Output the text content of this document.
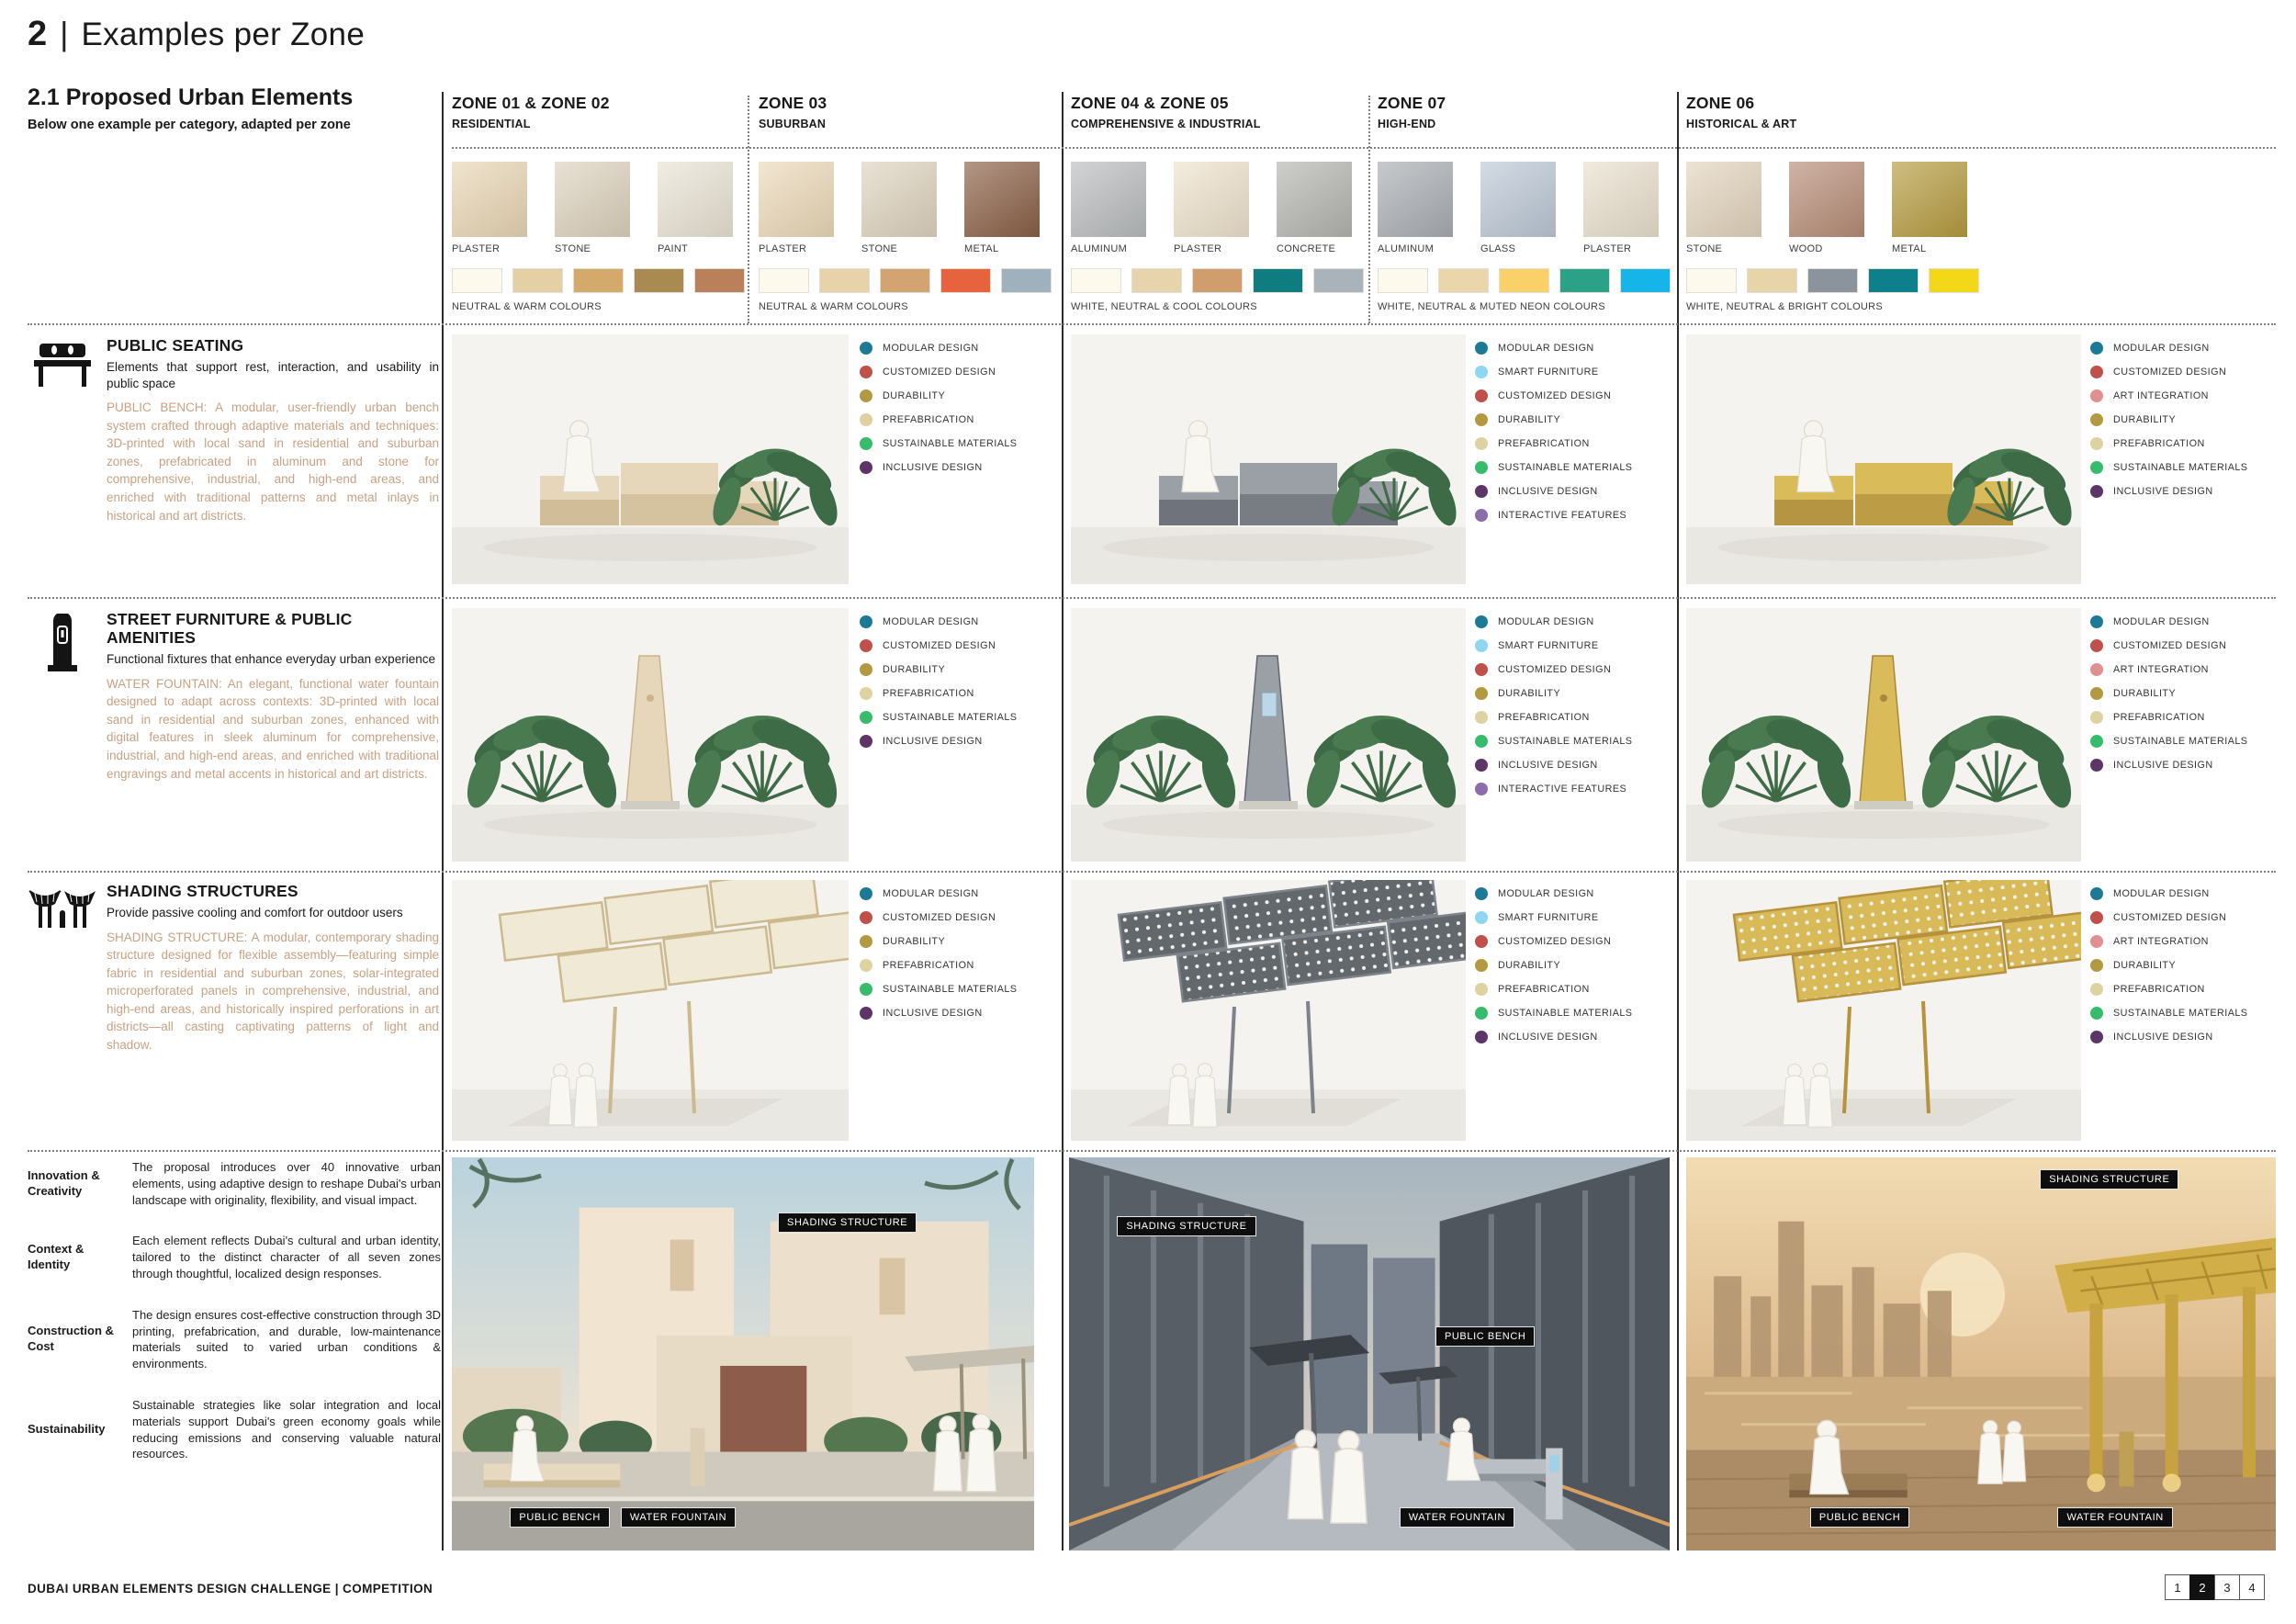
2 | Examples per Zone
2.1 Proposed Urban Elements
Below one example per category, adapted per zone
ZONE 01 & ZONE 02
RESIDENTIAL
PLASTER	STONE	PAINT
NEUTRAL & WARM COLOURS
ZONE 03
SUBURBAN
PLASTER	STONE	METAL
NEUTRAL & WARM COLOURS
ZONE 04 & ZONE 05
COMPREHENSIVE & INDUSTRIAL
ALUMINUM	PLASTER	CONCRETE
WHITE, NEUTRAL & COOL COLOURS
ZONE 07
HIGH-END
ALUMINUM	GLASS	PLASTER
WHITE, NEUTRAL & MUTED NEON COLOURS
ZONE 06
HISTORICAL & ART
STONE	WOOD	METAL
WHITE, NEUTRAL & BRIGHT COLOURS
PUBLIC SEATING
Elements that support rest, interaction, and usability in public space
PUBLIC BENCH: A modular, user-friendly urban bench system crafted through adaptive materials and techniques: 3D-printed with local sand in residential and suburban zones, prefabricated in aluminum and stone for comprehensive, industrial, and high-end areas, and enriched with traditional patterns and metal inlays in historical and art districts.
STREET FURNITURE & PUBLIC AMENITIES
Functional fixtures that enhance everyday urban experience
WATER FOUNTAIN: An elegant, functional water fountain designed to adapt across contexts: 3D-printed with local sand in residential and suburban zones, enhanced with digital features in sleek aluminum for comprehensive, industrial, and high-end areas, and enriched with traditional engravings and metal accents in historical and art districts.
SHADING STRUCTURES
Provide passive cooling and comfort for outdoor users
SHADING STRUCTURE: A modular, contemporary shading structure designed for flexible assembly—featuring simple fabric in residential and suburban zones, solar-integrated microperforated panels in comprehensive, industrial, and high-end areas, and historically inspired perforations in art districts—all casting captivating patterns of light and shadow.
MODULAR DESIGN
CUSTOMIZED DESIGN
DURABILITY
PREFABRICATION
SUSTAINABLE MATERIALS
INCLUSIVE DESIGN
MODULAR DESIGN
SMART FURNITURE
CUSTOMIZED DESIGN
DURABILITY
PREFABRICATION
SUSTAINABLE MATERIALS
INCLUSIVE DESIGN
INTERACTIVE FEATURES
MODULAR DESIGN
CUSTOMIZED DESIGN
ART INTEGRATION
DURABILITY
PREFABRICATION
SUSTAINABLE MATERIALS
INCLUSIVE DESIGN
MODULAR DESIGN
CUSTOMIZED DESIGN
DURABILITY
PREFABRICATION
SUSTAINABLE MATERIALS
INCLUSIVE DESIGN
MODULAR DESIGN
SMART FURNITURE
CUSTOMIZED DESIGN
DURABILITY
PREFABRICATION
SUSTAINABLE MATERIALS
INCLUSIVE DESIGN
INTERACTIVE FEATURES
MODULAR DESIGN
CUSTOMIZED DESIGN
ART INTEGRATION
DURABILITY
PREFABRICATION
SUSTAINABLE MATERIALS
INCLUSIVE DESIGN
MODULAR DESIGN
CUSTOMIZED DESIGN
DURABILITY
PREFABRICATION
SUSTAINABLE MATERIALS
INCLUSIVE DESIGN
MODULAR DESIGN
SMART FURNITURE
CUSTOMIZED DESIGN
DURABILITY
PREFABRICATION
SUSTAINABLE MATERIALS
INCLUSIVE DESIGN
MODULAR DESIGN
CUSTOMIZED DESIGN
ART INTEGRATION
DURABILITY
PREFABRICATION
SUSTAINABLE MATERIALS
INCLUSIVE DESIGN
SHADING STRUCTURE
PUBLIC BENCH	WATER FOUNTAIN
SHADING STRUCTURE
PUBLIC BENCH
WATER FOUNTAIN
SHADING STRUCTURE
PUBLIC BENCH	WATER FOUNTAIN
Innovation & Creativity
The proposal introduces over 40 innovative urban elements, using adaptive design to reshape Dubai's urban landscape with originality, flexibility, and visual impact.
Context & Identity
Each element reflects Dubai's cultural and urban identity, tailored to the distinct character of all seven zones through thoughtful, localized design responses.
Construction & Cost
The design ensures cost-effective construction through 3D printing, prefabrication, and durable, low-maintenance materials suited to varied urban conditions & environments.
Sustainability
Sustainable strategies like solar integration and local materials support Dubai's green economy goals while reducing emissions and conserving valuable natural resources.
DUBAI URBAN ELEMENTS DESIGN CHALLENGE | COMPETITION	1	2	3	4
